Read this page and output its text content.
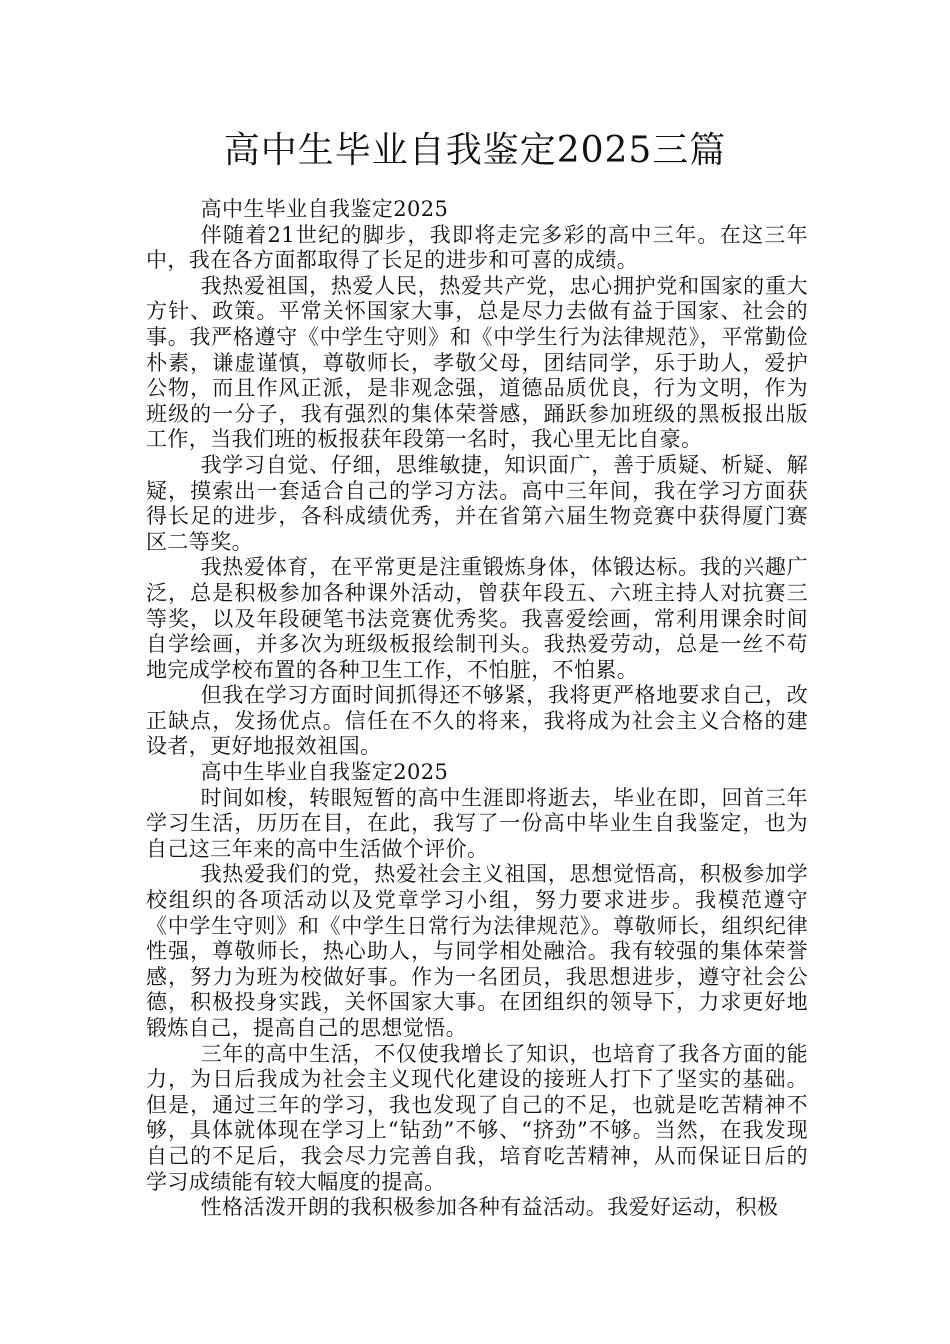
高中生毕业自我鉴定2025三篇

高中生毕业自我鉴定2025

伴随着21世纪的脚步，我即将走完多彩的高中三年。在这三年中，我在各方面都取得了长足的进步和可喜的成绩。

我热爱祖国，热爱人民，热爱共产党，忠心拥护党和国家的重大方针、政策。平常关怀国家大事，总是尽力去做有益于国家、社会的事。我严格遵守《中学生守则》和《中学生行为法律规范》，平常勤俭朴素，谦虚谨慎，尊敬师长，孝敬父母，团结同学，乐于助人，爱护公物，而且作风正派，是非观念强，道德品质优良，行为文明，作为班级的一分子，我有强烈的集体荣誉感，踊跃参加班级的黑板报出版工作，当我们班的板报获年段第一名时，我心里无比自豪。

我学习自觉、仔细，思维敏捷，知识面广，善于质疑、析疑、解疑，摸索出一套适合自己的学习方法。高中三年间，我在学习方面获得长足的进步，各科成绩优秀，并在省第六届生物竞赛中获得厦门赛区二等奖。

我热爱体育，在平常更是注重锻炼身体，体锻达标。我的兴趣广泛，总是积极参加各种课外活动，曾获年段五、六班主持人对抗赛三等奖，以及年段硬笔书法竞赛优秀奖。我喜爱绘画，常利用课余时间自学绘画，并多次为班级板报绘制刊头。我热爱劳动，总是一丝不苟地完成学校布置的各种卫生工作，不怕脏，不怕累。

但我在学习方面时间抓得还不够紧，我将更严格地要求自己，改正缺点，发扬优点。信任在不久的将来，我将成为社会主义合格的建设者，更好地报效祖国。

高中生毕业自我鉴定2025

时间如梭，转眼短暂的高中生涯即将逝去，毕业在即，回首三年学习生活，历历在目，在此，我写了一份高中毕业生自我鉴定，也为自己这三年来的高中生活做个评价。

我热爱我们的党，热爱社会主义祖国，思想觉悟高，积极参加学校组织的各项活动以及党章学习小组，努力要求进步。我模范遵守《中学生守则》和《中学生日常行为法律规范》。尊敬师长，组织纪律性强，尊敬师长，热心助人，与同学相处融洽。我有较强的集体荣誉感，努力为班为校做好事。作为一名团员，我思想进步，遵守社会公德，积极投身实践，关怀国家大事。在团组织的领导下，力求更好地锻炼自己，提高自己的思想觉悟。

三年的高中生活，不仅使我增长了知识，也培育了我各方面的能力，为日后我成为社会主义现代化建设的接班人打下了坚实的基础。但是，通过三年的学习，我也发现了自己的不足，也就是吃苦精神不够，具体就体现在学习上“钻劲”不够、“挤劲”不够。当然，在我发现自己的不足后，我会尽力完善自我，培育吃苦精神，从而保证日后的学习成绩能有较大幅度的提高。

性格活泼开朗的我积极参加各种有益活动。我爱好运动，积极
